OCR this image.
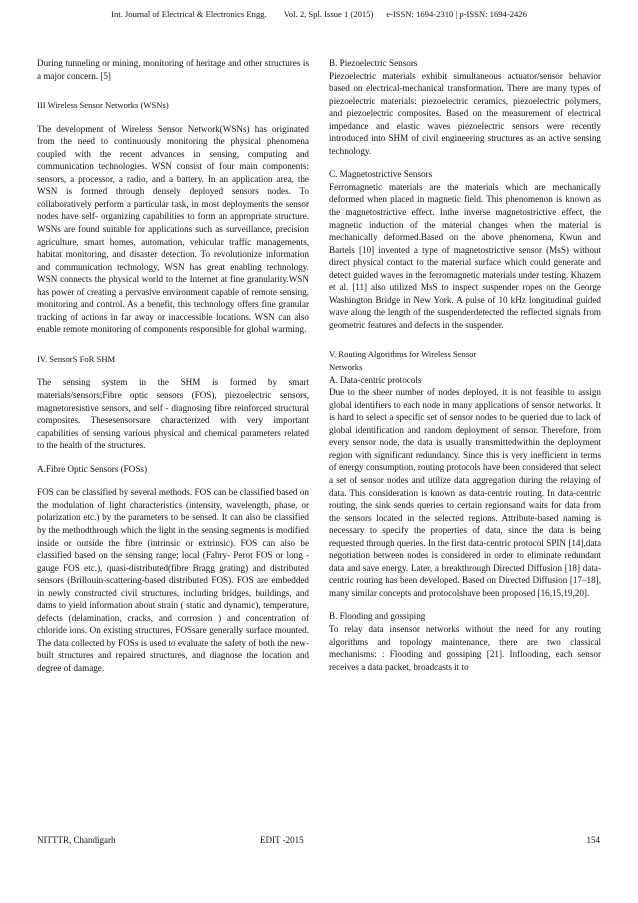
Int. Journal of Electrical & Electronics Engg. Vol. 2, Spl. Issue 1 (2015) e-ISSN: 1694-2310 | p-ISSN: 1694-2426

During tunneling or mining, monitoring of heritage and other structures is a major concern. [5]

III Wireless Sensor Networks (WSNs)

The development of Wireless Sensor Network(WSNs) has originated from the need to continuously monitoring the physical phenomena coupled with the recent advances in sensing, computing and communication technologies. WSN consist of four main components: sensors, a processor, a radio, and a battery. In an application area, the WSN is formed through densely deployed sensors nodes. To collaboratively perform a particular task, in most deployments the sensor nodes have self- organizing capabilities to form an appropriate structure. WSNs are found suitable for applications such as surveillance, precision agriculture, smart homes, automation, vehicular traffic managements, habitat monitoring, and disaster detection. To revolutionize information and communication technology, WSN has great enabling technology. WSN connects the physical world to the Internet at fine granularity.WSN has power of creating a pervasive environment capable of remote sensing, monitoring and control. As a benefit, this technology offers fine granular tracking of actions in far away or inaccessible locations. WSN can also enable remote monitoring of components responsible for global warming.

IV. SensorS FoR SHM

The sensing system in the SHM is formed by smart materials/sensors;Fibre optic sensors (FOS), piezoelectric sensors, magnetoresistive sensors, and self - diagnosing fibre reinforced structural composites. Thesesensorsare characterized with very important capabilities of sensing various physical and chemical parameters related to the health of the structures.

A.Fibre Optic Sensors (FOSs)

FOS can be classified by several methods. FOS can be classified based on the modulation of light characteristics (intensity, wavelength, phase, or polarization etc.) by the parameters to be sensed. It can also be classified by the methodthrough which the light in the sensing segments is modified inside or outside the fibre (intrinsic or extrinsic). FOS can also be classified based on the sensing range; local (Fabry- Perot FOS or long - gauge FOS etc.), quasi-distributed(fibre Bragg grating) and distributed sensors (Brillouin-scattering-based distributed FOS). FOS are embedded in newly constructed civil structures, including bridges, buildings, and dams to yield information about strain ( static and dynamic), temperature, defects (delamination, cracks, and corrosion ) and concentration of chloride ions. On existing structures, FOSsare generally surface mounted. The data collected by FOSs is used to evaluate the safety of both the new-built structures and repaired structures, and diagnose the location and degree of damage.

B. Piezoelectric Sensors

Piezoelectric materials exhibit simultaneous actuator/sensor behavior based on electrical-mechanical transformation. There are many types of piezoelectric materials: piezoelectric ceramics, piezoelectric polymers, and piezoelectric composites. Based on the measurement of electrical impedance and elastic waves piezoelectric sensors were recently introduced into SHM of civil engineering structures as an active sensing technology.

C. Magnetostrictive Sensors

Ferromagnetic materials are the materials which are mechanically deformed when placed in magnetic field. This phenomenon is known as the magnetostrictive effect. Inthe inverse magnetostrictive effect, the magnetic induction of the material changes when the material is mechanically deformed.Based on the above phenomena, Kwun and Bartels [10] invented a type of magnetostrictive sensor (MsS) without direct physical contact to the material surface which could generate and detect guided waves in the ferromagnetic materials under testing. Khazem et al. [11] also utilized MsS to inspect suspender ropes on the George Washington Bridge in New York. A pulse of 10 kHz longitudinal guided wave along the length of the suspenderdetected the reflected signals from geometric features and defects in the suspender.

V. Routing Algorithms for Wireless Sensor

Networks

A. Data-centric protocols

Due to the sheer number of nodes deployed, it is not feasible to assign global identifiers to each node in many applications of sensor networks. It is hard to select a specific set of sensor nodes to be queried due to lack of global identification and random deployment of sensor. Therefore, from every sensor node, the data is usually transmittedwithin the deployment region with significant redundancy. Since this is very inefficient in terms of energy consumption, routing protocols have been considered that select a set of sensor nodes and utilize data aggregation during the relaying of data. This consideration is known as data-centric routing. In data-centric routing, the sink sends queries to certain regionsand waits for data from the sensors located in the selected regions. Attribute-based naming is necessary to specify the properties of data, since the data is being requested through queries. In the first data-centric protocol SPIN [14],data negotiation between nodes is considered in order to eliminate redundant data and save energy. Later, a breakthrough Directed Diffusion [18] data-centric routing has been developed. Based on Directed Diffusion [17–18], many similar concepts and protocolshave been proposed [16,15,19,20].

B. Flooding and gossiping

To relay data insensor networks without the need for any routing algorithms and topology maintenance, there are two classical mechanisms: : Flooding and gossiping [21]. Inflooding, each sensor receives a data packet, broadcasts it to

NITTTR, Chandigarh	EDIT -2015	154
